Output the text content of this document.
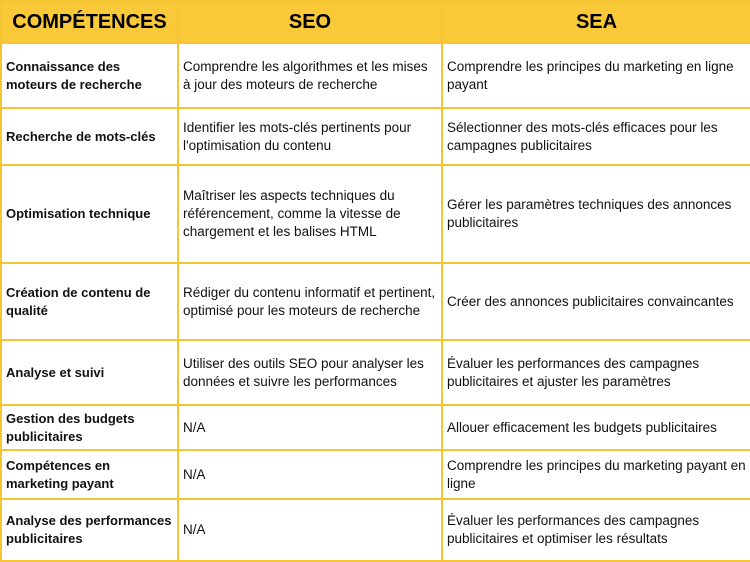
COMPÉTENCES	SEO	SEA
Connaissance des moteurs de recherche	Comprendre les algorithmes et les mises à jour des moteurs de recherche	Comprendre les principes du marketing en ligne payant
Recherche de mots-clés	Identifier les mots-clés pertinents pour l'optimisation du contenu	Sélectionner des mots-clés efficaces pour les campagnes publicitaires
Optimisation technique	Maîtriser les aspects techniques du référencement, comme la vitesse de chargement et les balises HTML	Gérer les paramètres techniques des annonces publicitaires
Création de contenu de qualité	Rédiger du contenu informatif et pertinent, optimisé pour les moteurs de recherche	Créer des annonces publicitaires convaincantes
Analyse et suivi	Utiliser des outils SEO pour analyser les données et suivre les performances	Évaluer les performances des campagnes publicitaires et ajuster les paramètres
Gestion des budgets publicitaires	N/A	Allouer efficacement les budgets publicitaires
Compétences en marketing payant	N/A	Comprendre les principes du marketing payant en ligne
Analyse des performances publicitaires	N/A	Évaluer les performances des campagnes publicitaires et optimiser les résultats
